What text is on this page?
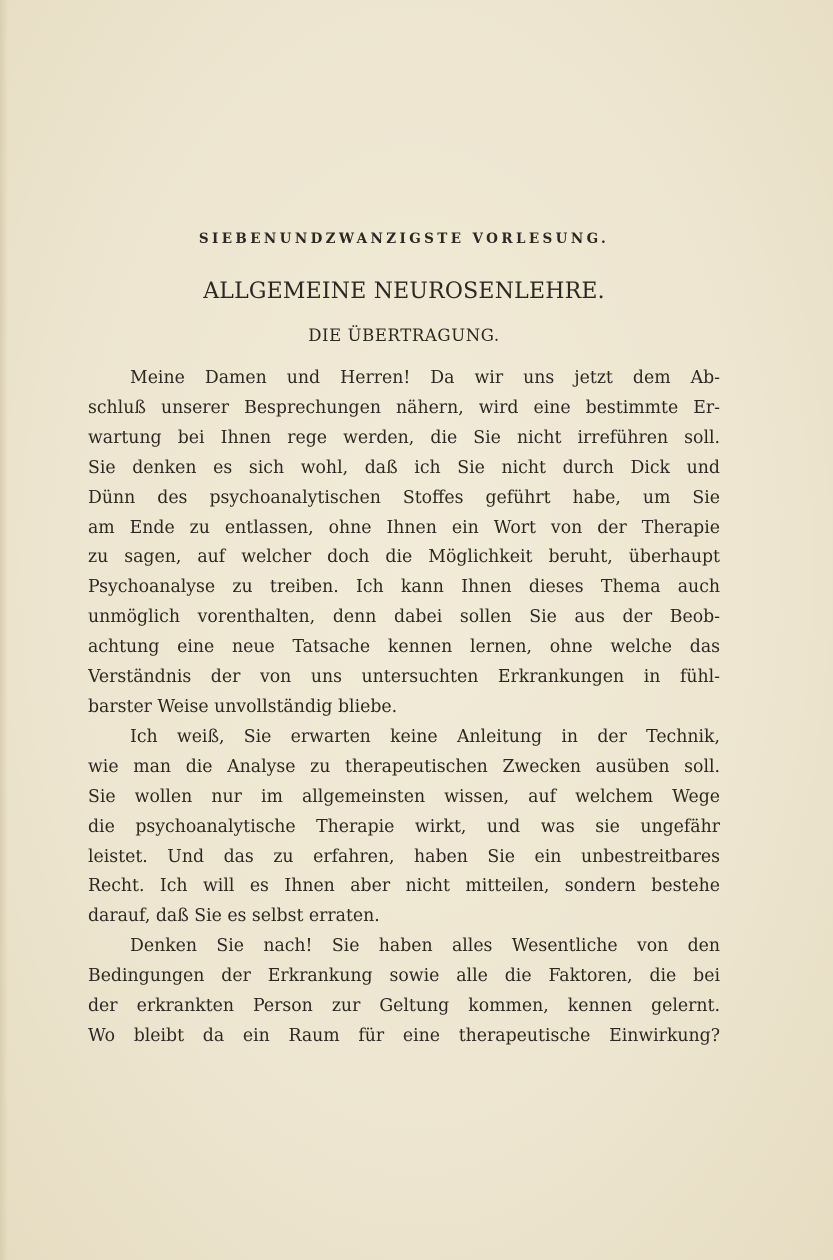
SIEBENUNDZWANZIGSTE VORLESUNG.
ALLGEMEINE NEUROSENLEHRE.
DIE ÜBERTRAGUNG.
Meine Damen und Herren! Da wir uns jetzt dem Ab-
schluß unserer Besprechungen nähern, wird eine bestimmte Er-
wartung bei Ihnen rege werden, die Sie nicht irreführen soll.
Sie denken es sich wohl, daß ich Sie nicht durch Dick und
Dünn des psychoanalytischen Stoffes geführt habe, um Sie
am Ende zu entlassen, ohne Ihnen ein Wort von der Therapie
zu sagen, auf welcher doch die Möglichkeit beruht, überhaupt
Psychoanalyse zu treiben. Ich kann Ihnen dieses Thema auch
unmöglich vorenthalten, denn dabei sollen Sie aus der Beob-
achtung eine neue Tatsache kennen lernen, ohne welche das
Verständnis der von uns untersuchten Erkrankungen in fühl-
barster Weise unvollständig bliebe.
Ich weiß, Sie erwarten keine Anleitung in der Technik,
wie man die Analyse zu therapeutischen Zwecken ausüben soll.
Sie wollen nur im allgemeinsten wissen, auf welchem Wege
die psychoanalytische Therapie wirkt, und was sie ungefähr
leistet. Und das zu erfahren, haben Sie ein unbestreitbares
Recht. Ich will es Ihnen aber nicht mitteilen, sondern bestehe
darauf, daß Sie es selbst erraten.
Denken Sie nach! Sie haben alles Wesentliche von den
Bedingungen der Erkrankung sowie alle die Faktoren, die bei
der erkrankten Person zur Geltung kommen, kennen gelernt.
Wo bleibt da ein Raum für eine therapeutische Einwirkung?
